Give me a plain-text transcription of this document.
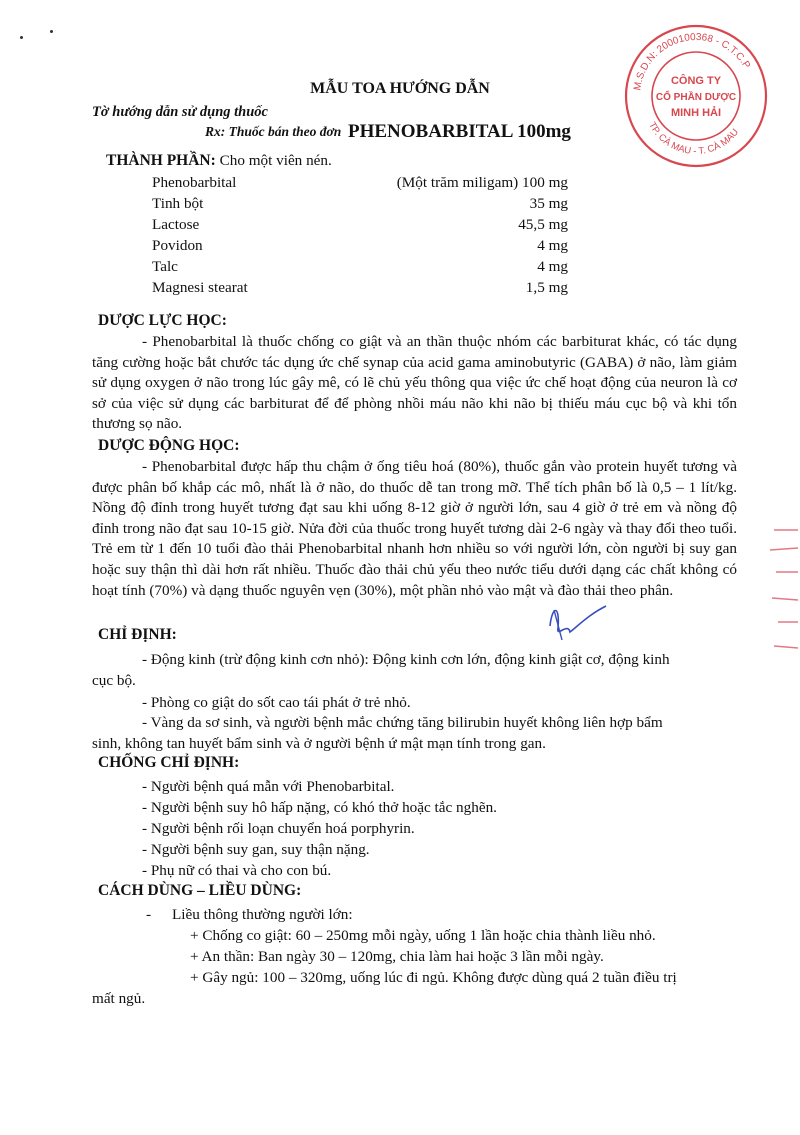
M.S.D.N: 2000100368 - C.T.C.P
TP. CÀ MAU - T. CÀ MAU
CÔNG TY
CỔ PHẦN DƯỢC
MINH HẢI
MẪU TOA HƯỚNG DẪN
Tờ hướng dẫn sử dụng thuốc
Rx: Thuốc bán theo đơn PHENOBARBITAL 100mg
THÀNH PHẦN: Cho một viên nén.
Phenobarbital	(Một trăm miligam) 100 mg
Tinh bột	35 mg
Lactose	45,5 mg
Povidon	4 mg
Talc	4 mg
Magnesi stearat	1,5 mg
DƯỢC LỰC HỌC:
- Phenobarbital là thuốc chống co giật và an thần thuộc nhóm các barbiturat khác, có tác dụng tăng cường hoặc bắt chước tác dụng ức chế synap của acid gama aminobutyric (GABA) ở não, làm giảm sử dụng oxygen ở não trong lúc gây mê, có lẽ chủ yếu thông qua việc ức chế hoạt động của neuron là cơ sở của việc sử dụng các barbiturat để để phòng nhồi máu não khi não bị thiếu máu cục bộ và khi tổn thương sọ não.
DƯỢC ĐỘNG HỌC:
- Phenobarbital được hấp thu chậm ở ống tiêu hoá (80%), thuốc gắn vào protein huyết tương và được phân bố khắp các mô, nhất là ở não, do thuốc dễ tan trong mỡ. Thể tích phân bố là 0,5 – 1 lít/kg. Nồng độ đỉnh trong huyết tương đạt sau khi uống 8-12 giờ ở người lớn, sau 4 giờ ở trẻ em và nồng độ đỉnh trong não đạt sau 10-15 giờ. Nửa đời của thuốc trong huyết tương dài 2-6 ngày và thay đổi theo tuổi. Trẻ em từ 1 đến 10 tuổi đào thải Phenobarbital nhanh hơn nhiều so với người lớn, còn người bị suy gan hoặc suy thận thì dài hơn rất nhiều. Thuốc đào thải chủ yếu theo nước tiểu dưới dạng các chất không có hoạt tính (70%) và dạng thuốc nguyên vẹn (30%), một phần nhỏ vào mật và đào thải theo phân.
CHỈ ĐỊNH:
- Động kinh (trừ động kinh cơn nhỏ): Động kinh cơn lớn, động kinh giật cơ, động kinh
cục bộ.
- Phòng co giật do sốt cao tái phát ở trẻ nhỏ.
- Vàng da sơ sinh, và người bệnh mắc chứng tăng bilirubin huyết không liên hợp bẩm
sinh, không tan huyết bẩm sinh và ở người bệnh ứ mật mạn tính trong gan.
CHỐNG CHỈ ĐỊNH:
- Người bệnh quá mẫn với Phenobarbital.
- Người bệnh suy hô hấp nặng, có khó thở hoặc tắc nghẽn.
- Người bệnh rối loạn chuyển hoá porphyrin.
- Người bệnh suy gan, suy thận nặng.
- Phụ nữ có thai và cho con bú.
CÁCH DÙNG – LIỀU DÙNG:
- Liều thông thường người lớn:
+ Chống co giật: 60 – 250mg mỗi ngày, uống 1 lần hoặc chia thành liều nhỏ.
+ An thần: Ban ngày 30 – 120mg, chia làm hai hoặc 3 lần mỗi ngày.
+ Gây ngủ: 100 – 320mg, uống lúc đi ngủ. Không được dùng quá 2 tuần điều trị
mất ngủ.
